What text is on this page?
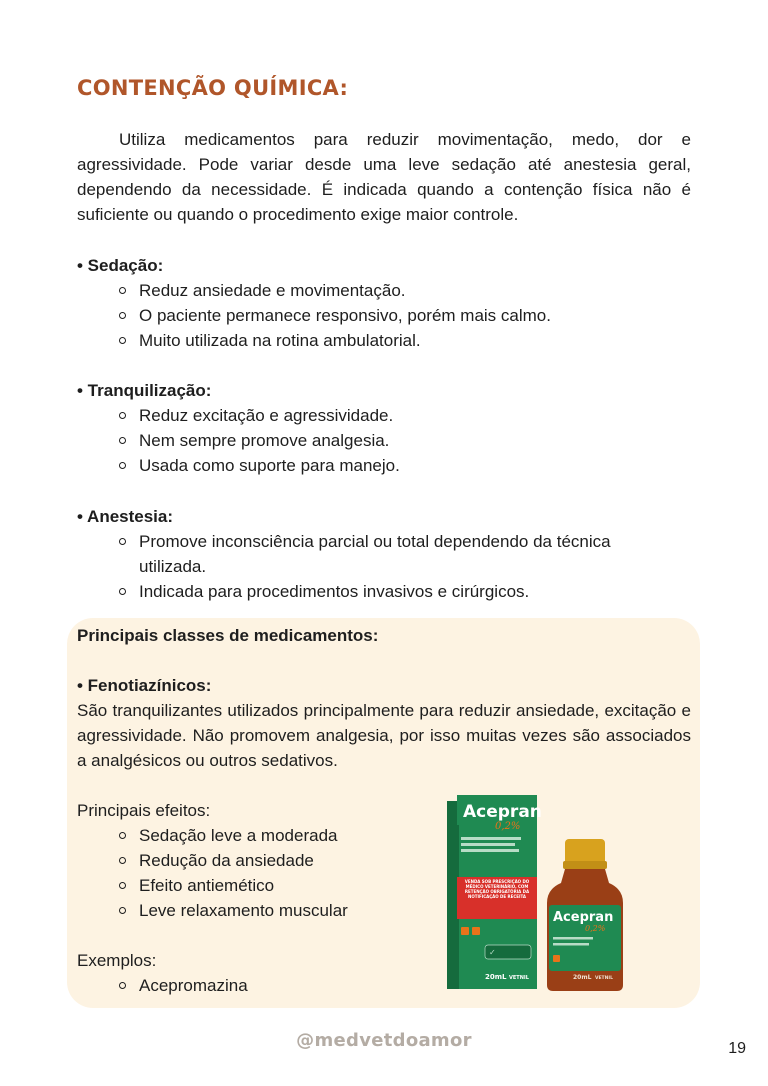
CONTENÇÃO QUÍMICA:

Utiliza medicamentos para reduzir movimentação, medo, dor e agressividade. Pode variar desde uma leve sedação até anestesia geral, dependendo da necessidade. É indicada quando a contenção física não é suficiente ou quando o procedimento exige maior controle.

• Sedação:

Reduz ansiedade e movimentação.
O paciente permanece responsivo, porém mais calmo.
Muito utilizada na rotina ambulatorial.

• Tranquilização:

Reduz excitação e agressividade.
Nem sempre promove analgesia.
Usada como suporte para manejo.

• Anestesia:

Promove inconsciência parcial ou total dependendo da técnica utilizada.
Indicada para procedimentos invasivos e cirúrgicos.

Principais classes de medicamentos:

• Fenotiazínicos:

São tranquilizantes utilizados principalmente para reduzir ansiedade, excitação e agressividade. Não promovem analgesia, por isso muitas vezes são associados a analgésicos ou outros sedativos.

Principais efeitos:

Sedação leve a moderada
Redução da ansiedade
Efeito antiemético
Leve relaxamento muscular

Exemplos:

Acepromazina
Acepran
0,2%
VENDA SOB PRESCRIÇÃO DO MÉDICO VETERINÁRIO, COM RETENÇÃO OBRIGATÓRIA DA NOTIFICAÇÃO DE RECEITA
✓
20mL VETNIL
Acepran
0,2%
20mL VETNIL
@medvetdoamor	19
